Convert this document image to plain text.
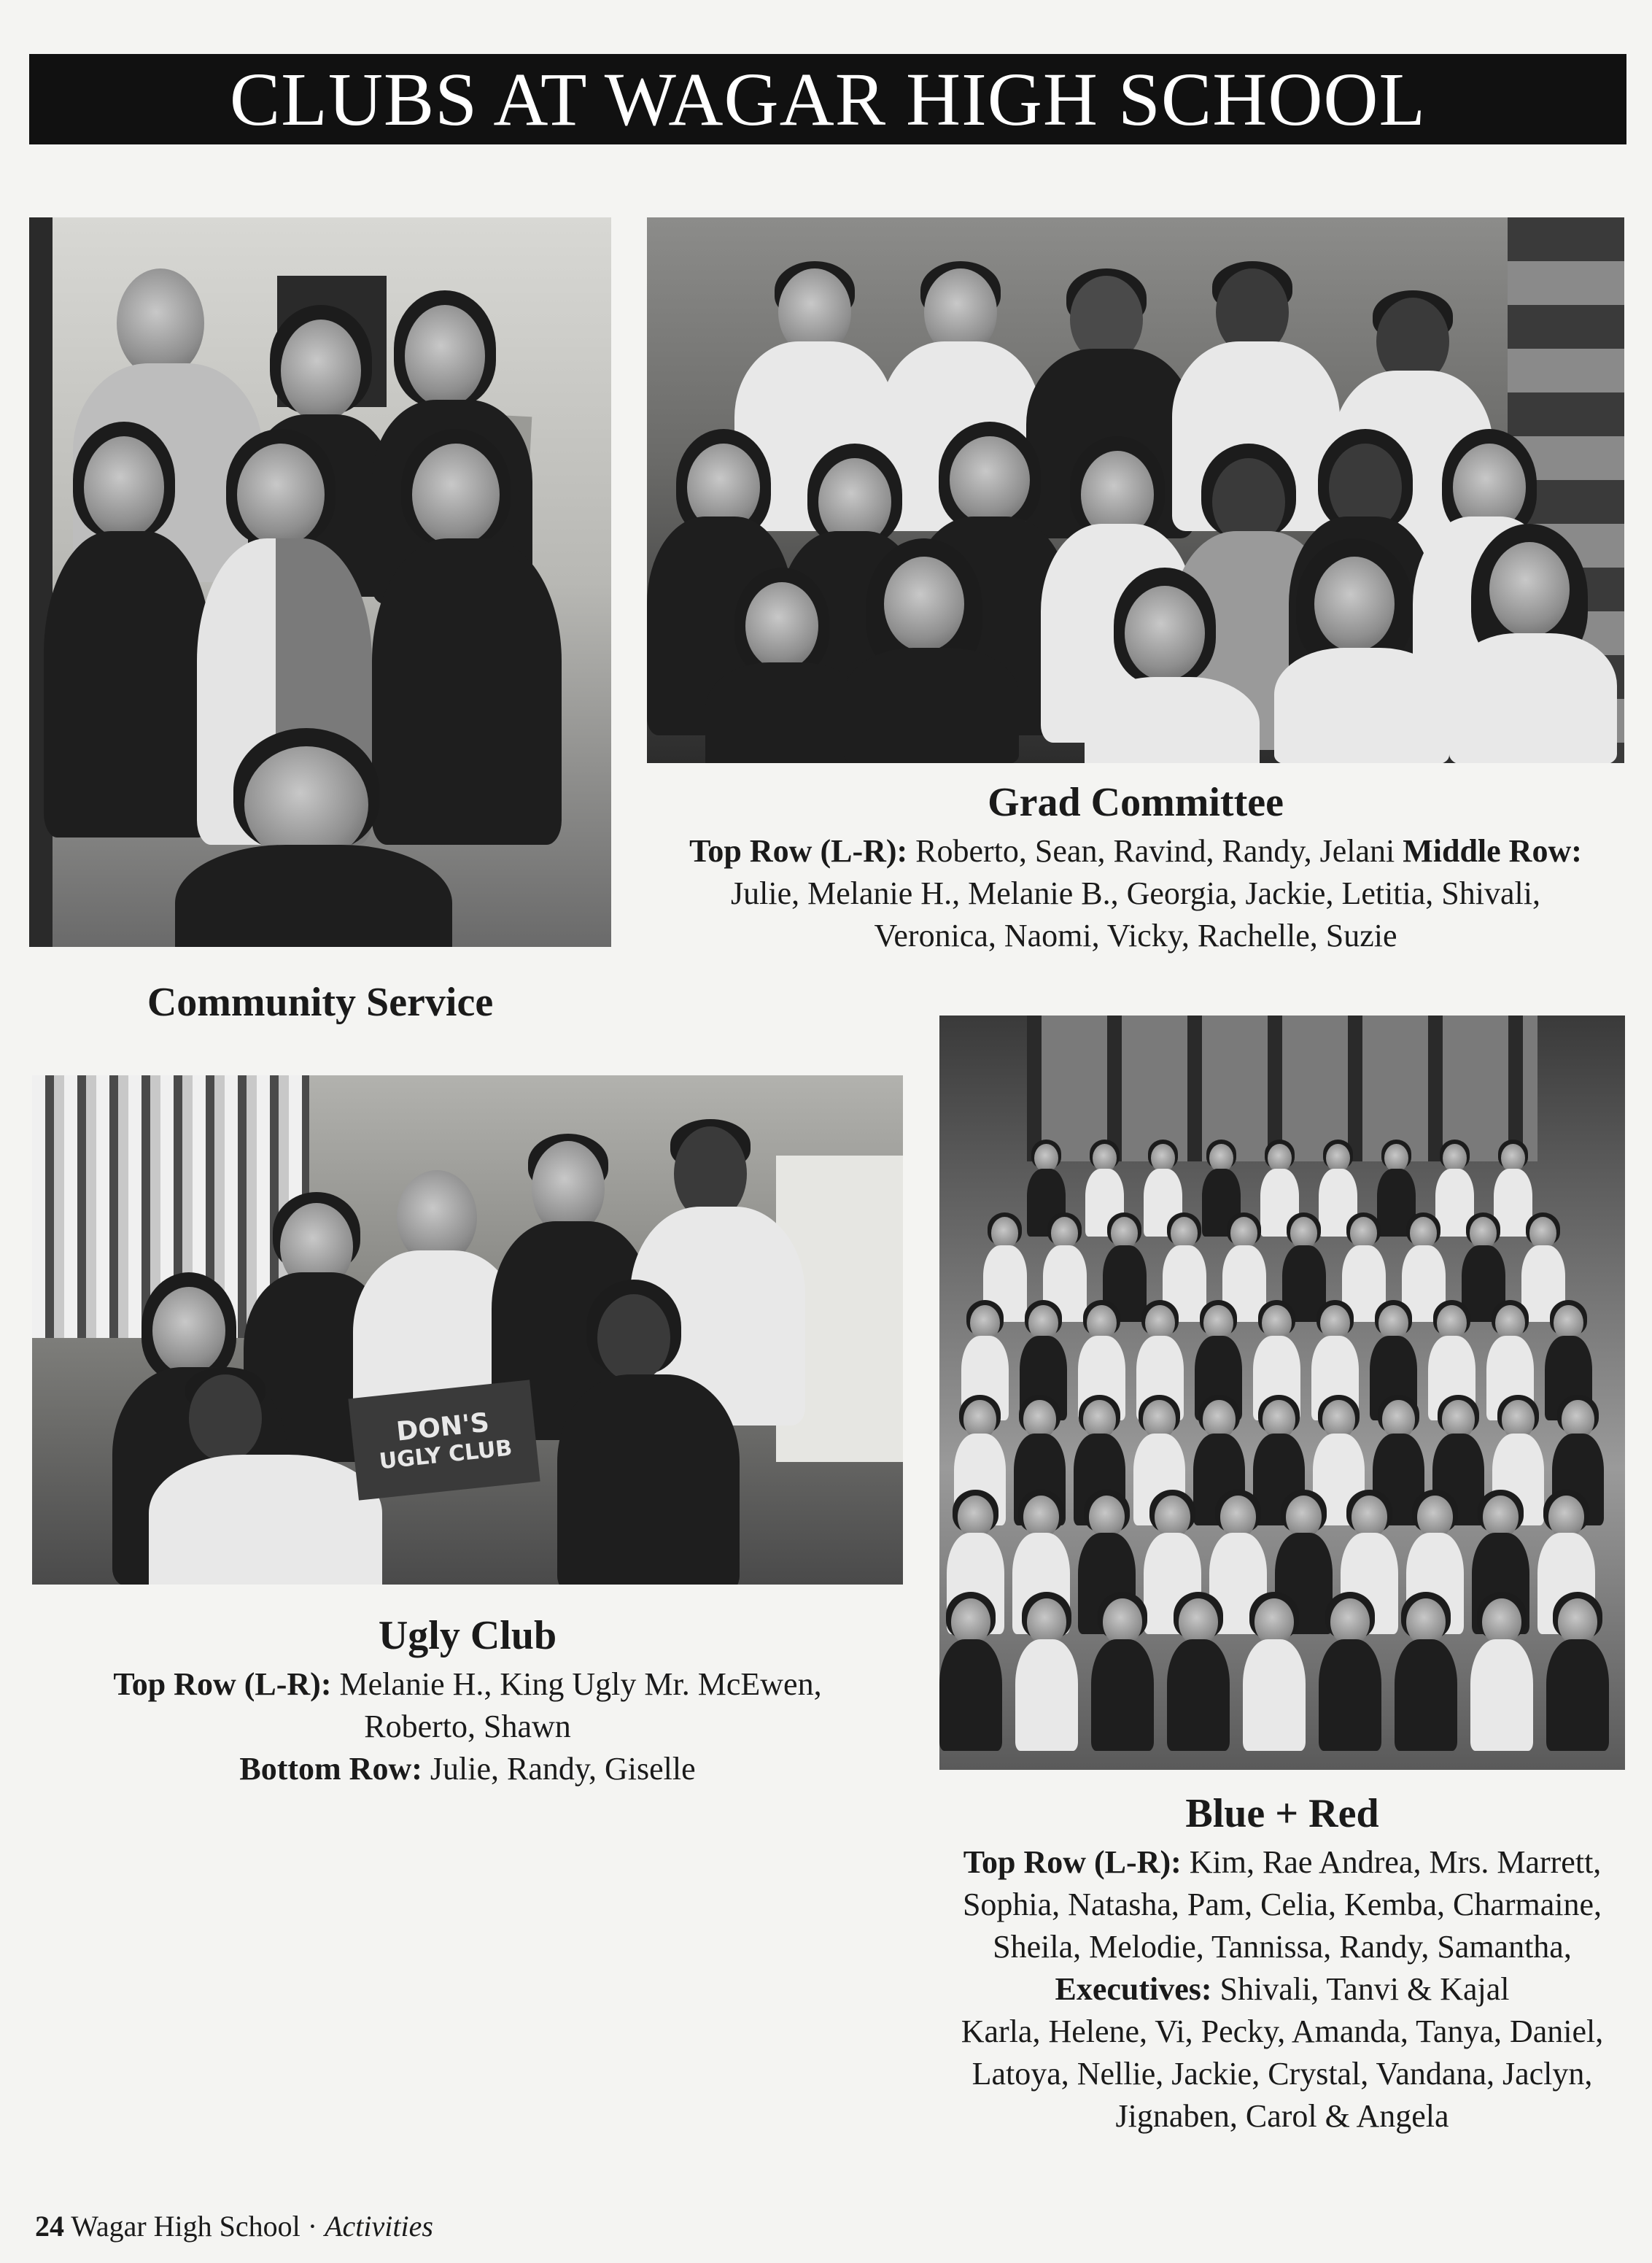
CLUBS AT WAGAR HIGH SCHOOL
Community Service
Grad Committee
Top Row (L-R): Roberto, Sean, Ravind, Randy, Jelani Middle Row:
Julie, Melanie H., Melanie B., Georgia, Jackie, Letitia, Shivali,
Veronica, Naomi, Vicky, Rachelle, Suzie
DON'S
UGLY CLUB
Ugly Club
Top Row (L-R): Melanie H., King Ugly Mr. McEwen,
Roberto, Shawn
Bottom Row: Julie, Randy, Giselle
Blue + Red
Top Row (L-R): Kim, Rae Andrea, Mrs. Marrett,
Sophia, Natasha, Pam, Celia, Kemba, Charmaine,
Sheila, Melodie, Tannissa, Randy, Samantha,
Executives: Shivali, Tanvi & Kajal
Karla, Helene, Vi, Pecky, Amanda, Tanya, Daniel,
Latoya, Nellie, Jackie, Crystal, Vandana, Jaclyn,
Jignaben, Carol & Angela
24 Wagar High School · Activities
